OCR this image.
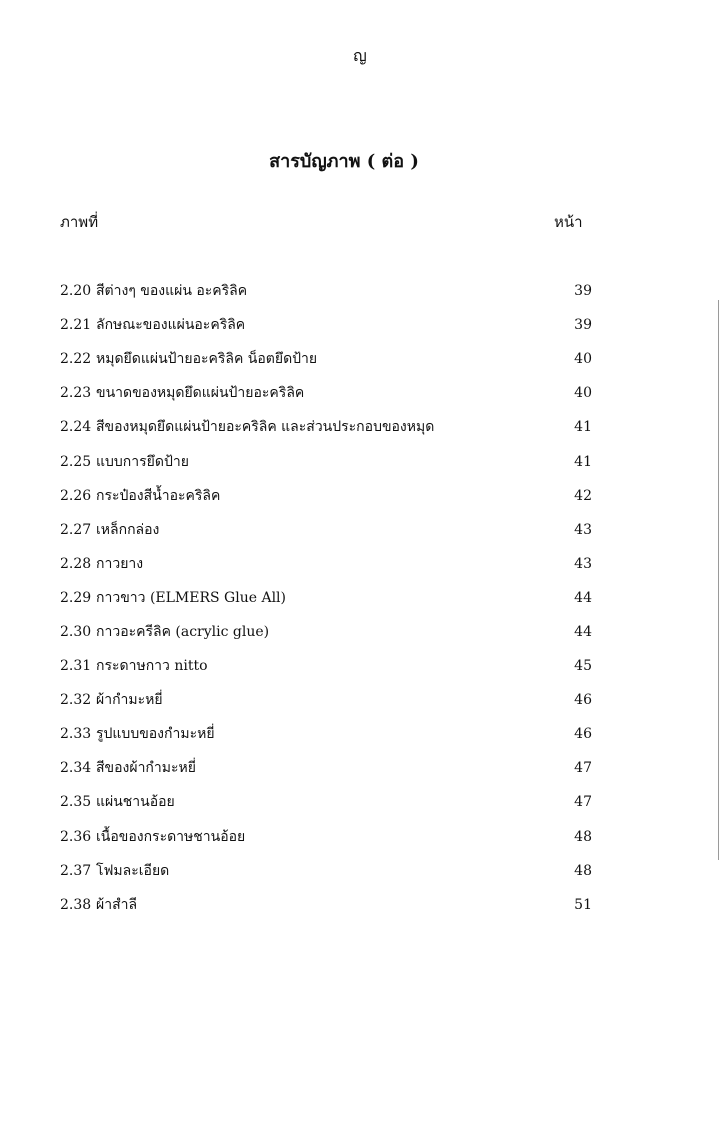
ญ
สารบัญภาพ ( ต่อ )
ภาพที่	หน้า
2.20 สีต่างๆ ของแผ่น อะคริลิค	39
2.21 ลักษณะของแผ่นอะคริลิค	39
2.22 หมุดยึดแผ่นป้ายอะคริลิค น็อตยึดป้าย	40
2.23 ขนาดของหมุดยึดแผ่นป้ายอะคริลิค	40
2.24 สีของหมุดยึดแผ่นป้ายอะคริลิค และส่วนประกอบของหมุด	41
2.25 แบบการยึดป้าย	41
2.26 กระป๋องสีน้ำอะคริลิค	42
2.27 เหล็กกล่อง	43
2.28 กาวยาง	43
2.29 กาวขาว (ELMERS Glue All)	44
2.30 กาวอะครีลิค (acrylic glue)	44
2.31 กระดาษกาว nitto	45
2.32 ผ้ากำมะหยี่	46
2.33 รูปแบบของกำมะหยี่	46
2.34 สีของผ้ากำมะหยี่	47
2.35 แผ่นชานอ้อย	47
2.36 เนื้อของกระดาษชานอ้อย	48
2.37 โฟมละเอียด	48
2.38 ผ้าสำลี	51
